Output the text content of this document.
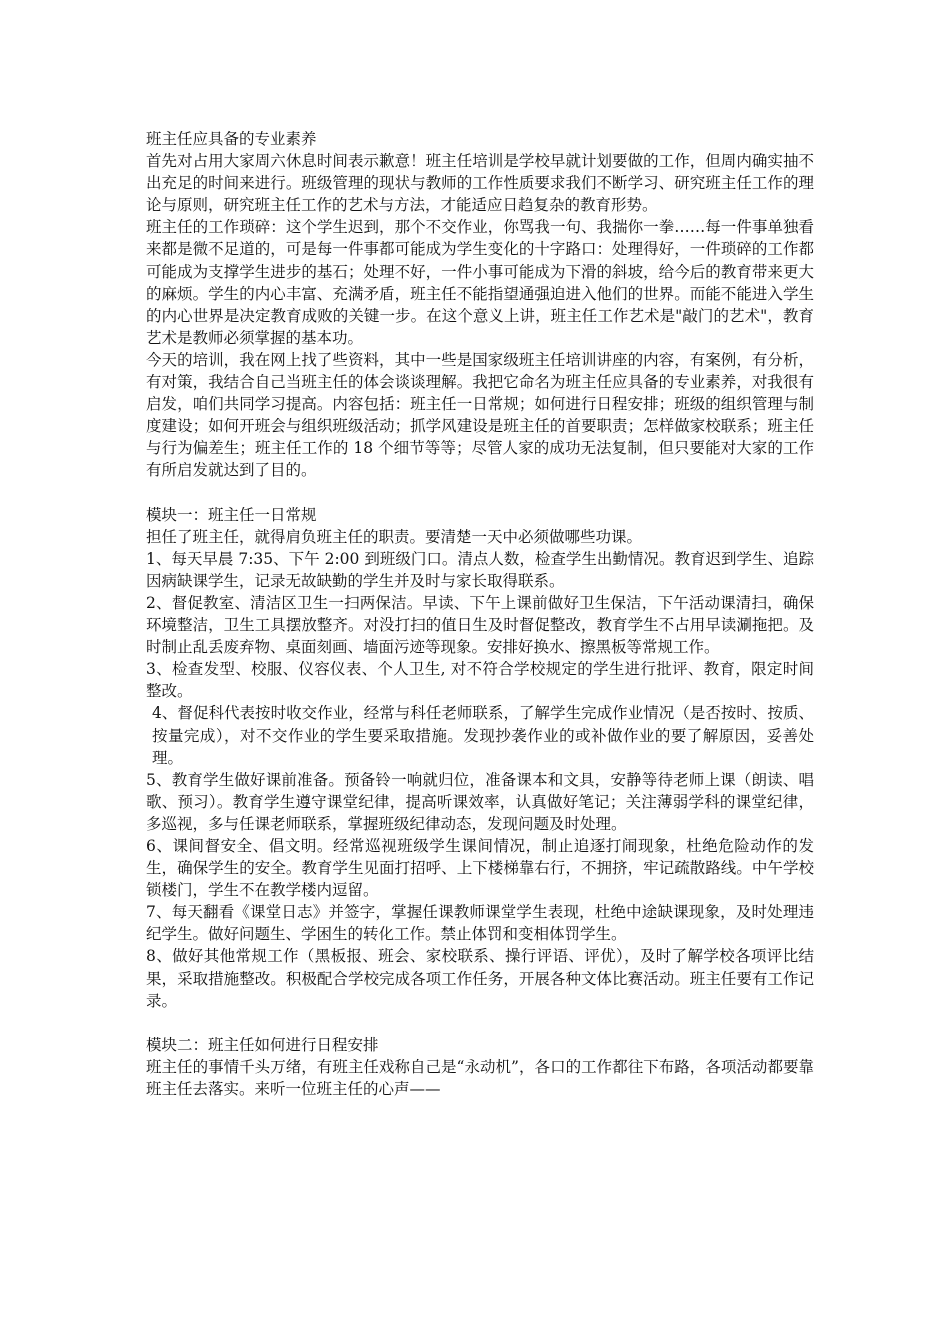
班主任应具备的专业素养

首先对占用大家周六休息时间表示歉意！班主任培训是学校早就计划要做的工作，但周内确实抽不出充足的时间来进行。班级管理的现状与教师的工作性质要求我们不断学习、研究班主任工作的理论与原则，研究班主任工作的艺术与方法，才能适应日趋复杂的教育形势。

班主任的工作琐碎：这个学生迟到，那个不交作业，你骂我一句、我揣你一拳……每一件事单独看来都是微不足道的，可是每一件事都可能成为学生变化的十字路口：处理得好，一件琐碎的工作都可能成为支撑学生进步的基石；处理不好，一件小事可能成为下滑的斜坡，给今后的教育带来更大的麻烦。学生的内心丰富、充满矛盾，班主任不能指望通强迫进入他们的世界。而能不能进入学生的内心世界是决定教育成败的关键一步。在这个意义上讲，班主任工作艺术是"敲门的艺术"，教育艺术是教师必须掌握的基本功。

今天的培训，我在网上找了些资料，其中一些是国家级班主任培训讲座的内容，有案例，有分析，有对策，我结合自己当班主任的体会谈谈理解。我把它命名为班主任应具备的专业素养，对我很有启发，咱们共同学习提高。内容包括：班主任一日常规；如何进行日程安排；班级的组织管理与制度建设；如何开班会与组织班级活动；抓学风建设是班主任的首要职责；怎样做家校联系；班主任与行为偏差生；班主任工作的 18 个细节等等；尽管人家的成功无法复制，但只要能对大家的工作有所启发就达到了目的。

模块一：班主任一日常规

担任了班主任，就得肩负班主任的职责。要清楚一天中必须做哪些功课。

1、每天早晨 7:35、下午 2:00 到班级门口。清点人数，检查学生出勤情况。教育迟到学生、追踪因病缺课学生，记录无故缺勤的学生并及时与家长取得联系。

2、督促教室、清洁区卫生一扫两保洁。早读、下午上课前做好卫生保洁，下午活动课清扫，确保环境整洁，卫生工具摆放整齐。对没打扫的值日生及时督促整改，教育学生不占用早读涮拖把。及时制止乱丢废弃物、桌面刻画、墙面污迹等现象。安排好换水、擦黑板等常规工作。

3、检查发型、校服、仪容仪表、个人卫生, 对不符合学校规定的学生进行批评、教育，限定时间整改。

4、督促科代表按时收交作业，经常与科任老师联系，了解学生完成作业情况（是否按时、按质、按量完成），对不交作业的学生要采取措施。发现抄袭作业的或补做作业的要了解原因，妥善处理。

5、教育学生做好课前准备。预备铃一响就归位，准备课本和文具，安静等待老师上课（朗读、唱歌、预习）。教育学生遵守课堂纪律，提高听课效率，认真做好笔记；关注薄弱学科的课堂纪律，多巡视，多与任课老师联系，掌握班级纪律动态，发现问题及时处理。

6、课间督安全、倡文明。经常巡视班级学生课间情况，制止追逐打闹现象，杜绝危险动作的发生，确保学生的安全。教育学生见面打招呼、上下楼梯靠右行，不拥挤，牢记疏散路线。中午学校锁楼门，学生不在教学楼内逗留。

7、每天翻看《课堂日志》并签字，掌握任课教师课堂学生表现，杜绝中途缺课现象，及时处理违纪学生。做好问题生、学困生的转化工作。禁止体罚和变相体罚学生。

8、做好其他常规工作（黑板报、班会、家校联系、操行评语、评优），及时了解学校各项评比结果，采取措施整改。积极配合学校完成各项工作任务，开展各种文体比赛活动。班主任要有工作记录。

模块二：班主任如何进行日程安排

班主任的事情千头万绪，有班主任戏称自己是“永动机”，各口的工作都往下布路，各项活动都要靠班主任去落实。来听一位班主任的心声——
